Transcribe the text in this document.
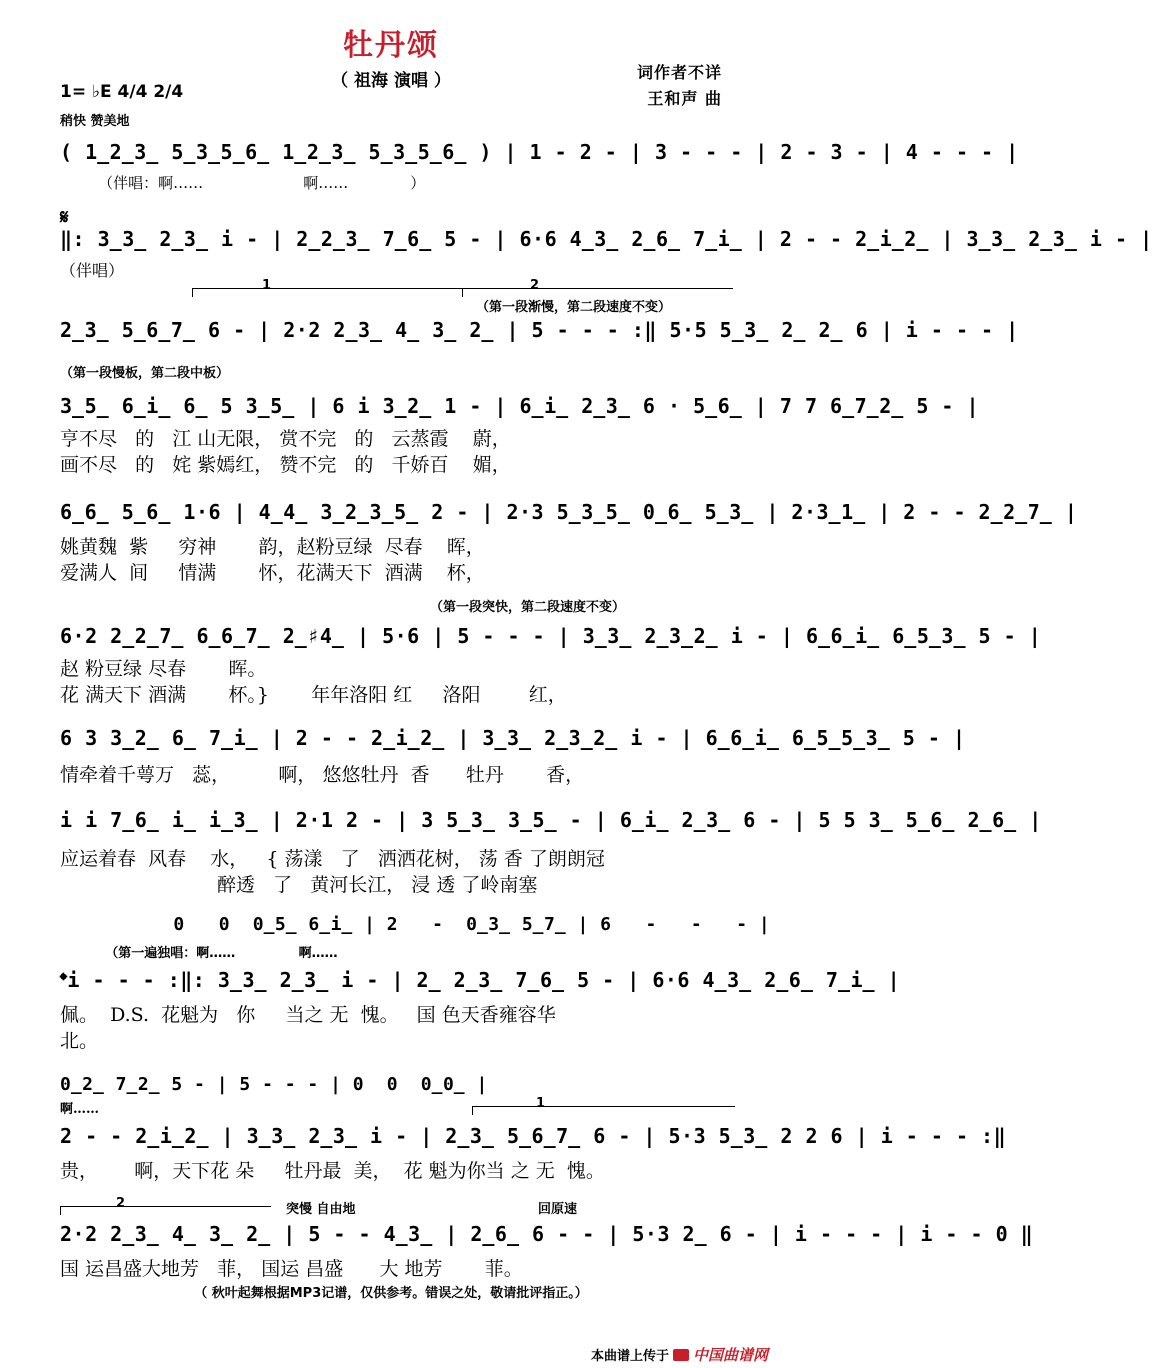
牡丹颂
（ 祖海 演唱 ）	词作者不详
王和声 曲
1= ♭E 4/4 2/4
稍快 赞美地
( 1̲2̲3̲ 5̲3̲5̲6̲ 1̲2̲3̲ 5̲3̲5̲6̲ ) | 1 - 2 - | 3 - - - | 2 - 3 - | 4 - - - |
（伴唱：啊……                     啊……             ）
𝄋
‖: 3̲3̲ 2̲3̲ i - | 2̲2̲3̲ 7̲6̲ 5 - | 6·6 4̲3̲ 2̲6̲ 7̲i̲ | 2 - - 2̲i̲2̲ | 3̲3̲ 2̲3̲ i - |
（伴唱）
1	2
（第一段渐慢，第二段速度不变）
2̲3̲ 5̲6̲7̲ 6 - | 2·2 2̲3̲ 4̲ 3̲ 2̲ | 5 - - - :‖ 5·5 5̲3̲ 2̲ 2̲ 6 | i - - - |
（第一段慢板，第二段中板）
3̲5̲ 6̲i̲ 6̲ 5 3̲5̲ | 6 i 3̲2̲ 1 - | 6̲i̲ 2̲3̲ 6 · 5̲6̲ | 7 7 6̲7̲2̲ 5 - |
亨不尽   的   江 山无限， 赏不完   的   云蒸霞    蔚，
画不尽   的   姹 紫嫣红， 赞不完   的   千娇百    媚，
6̲6̲ 5̲6̲ 1·6 | 4̲4̲ 3̲2̲3̲5̲ 2 - | 2·3 5̲3̲5̲ 0̲6̲ 5̲3̲ | 2·3̲1̲ | 2 - - 2̲2̲7̲ |
姚黄魏  紫     穷神       韵，赵粉豆绿  尽春    晖，
爱满人  间     情满       怀，花满天下  酒满    杯，
（第一段突快，第二段速度不变）
6·2 2̲2̲7̲ 6̲6̲7̲ 2̲♯4̲ | 5·6 | 5 - - - | 3̲3̲ 2̲3̲2̲ i - | 6̲6̲i̲ 6̲5̲3̲ 5 - |
赵 粉豆绿 尽春       晖。
花 满天下 酒满       杯。}       年年洛阳 红     洛阳        红，
6 3 3̲2̲ 6̲ 7̲i̲ | 2 - - 2̲i̲2̲ | 3̲3̲ 2̲3̲2̲ i - | 6̲6̲i̲ 6̲5̲5̲3̲ 5 - |
情牵着千萼万   蕊，        啊， 悠悠牡丹  香      牡丹       香，
i i 7̲6̲ i̲ i̲3̲ | 2·1 2 - | 3 5̲3̲ 3̲5̲ - | 6̲i̲ 2̲3̲ 6 - | 5 5 3̲ 5̲6̲ 2̲6̲ |
应运着春  风春    水，   { 荡漾   了   洒洒花树， 荡 香 了朗朗冠
醉透   了   黄河长江， 浸 透 了岭南塞
0   0  0̲5̲ 6̲i̲ | 2   -  0̲3̲ 5̲7̲ | 6   -   -   - |
（第一遍独唱：啊……              啊……
𝄌i - - - :‖: 3̲3̲ 2̲3̲ i - | 2̲ 2̲3̲ 7̲6̲ 5 - | 6·6 4̲3̲ 2̲6̲ 7̲i̲ |
佩。  D.S.  花魁为   你     当之 无  愧。   国 色天香雍容华
北。
0̲2̲ 7̲2̲ 5 - | 5 - - - | 0  0  0̲0̲ |
啊……	1
2 - - 2̲i̲2̲ | 3̲3̲ 2̲3̲ i - | 2̲3̲ 5̲6̲7̲ 6 - | 5·3 5̲3̲ 2 2 6 | i - - - :‖
贵，      啊，天下花 朵     牡丹最  美，  花 魁为你当 之 无  愧。
2	突慢 自由地	回原速
2·2 2̲3̲ 4̲ 3̲ 2̲ | 5 - - 4̲3̲ | 2̲6̲ 6 - - | 5·3 2̲ 6 - | i - - - | i - - 0 ‖
国 运昌盛大地芳   菲， 国运 昌盛      大 地芳       菲。
（ 秋叶起舞根据MP3记谱，仅供参考。错误之处，敬请批评指正。）
本曲谱上传于 中国曲谱网
